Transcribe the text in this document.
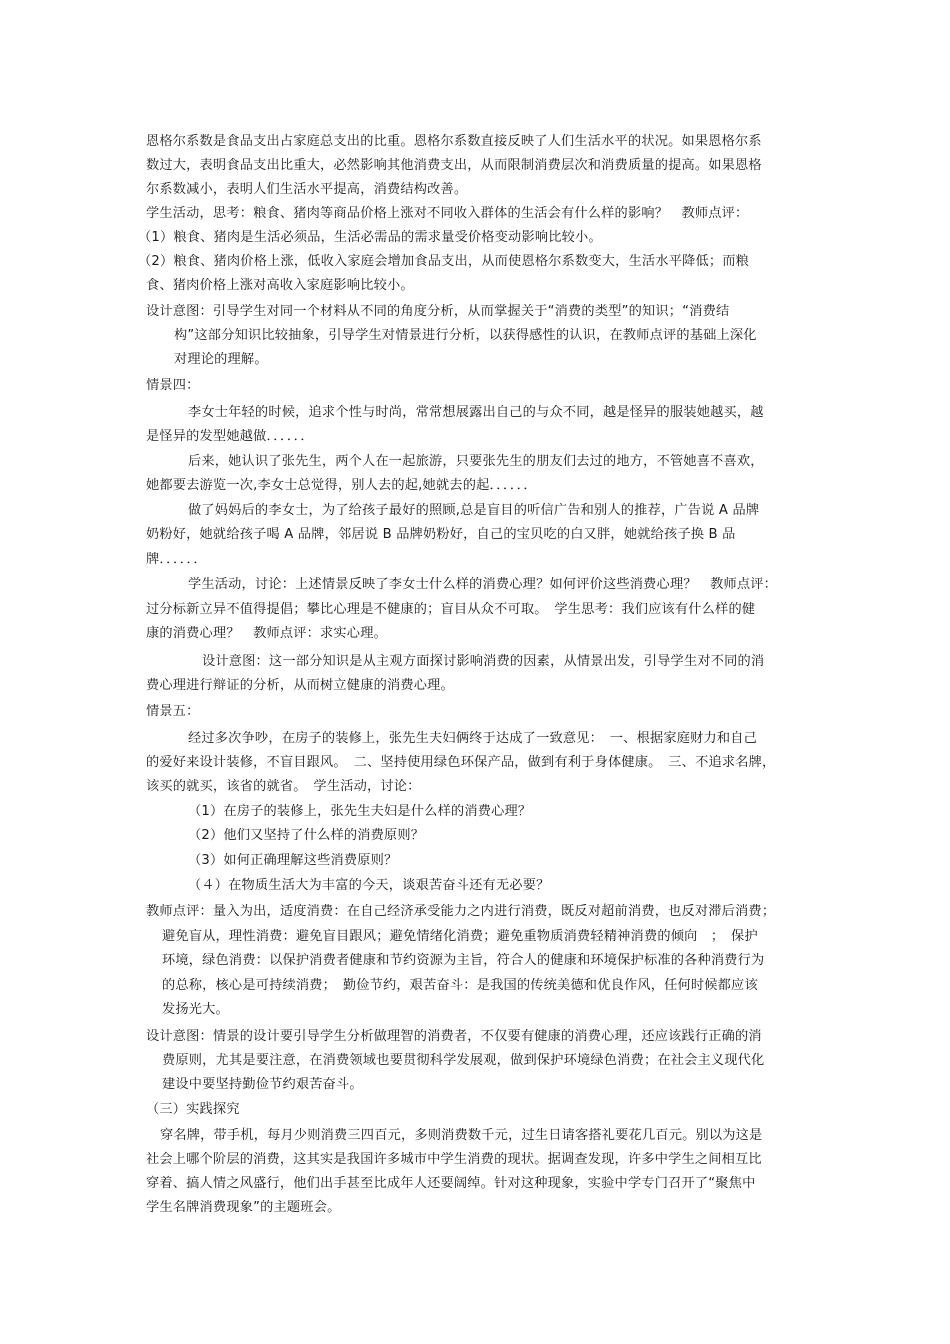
恩格尔系数是食品支出占家庭总支出的比重。恩格尔系数直接反映了人们生活水平的状况。如果恩格尔系
数过大，表明食品支出比重大，必然影响其他消费支出，从而限制消费层次和消费质量的提高。如果恩格
尔系数减小，表明人们生活水平提高，消费结构改善。
学生活动，思考：粮食、猪肉等商品价格上涨对不同收入群体的生活会有什么样的影响？　教师点评：
（1）粮食、猪肉是生活必须品，生活必需品的需求量受价格变动影响比较小。
（2）粮食、猪肉价格上涨，低收入家庭会增加食品支出，从而使恩格尔系数变大，生活水平降低；而粮
食、猪肉价格上涨对高收入家庭影响比较小。
设计意图：引导学生对同一个材料从不同的角度分析，从而掌握关于“消费的类型”的知识；“消费结
构”这部分知识比较抽象，引导学生对情景进行分析，以获得感性的认识，在教师点评的基础上深化
对理论的理解。
情景四：
李女士年轻的时候，追求个性与时尚，常常想展露出自己的与众不同，越是怪异的服装她越买，越
是怪异的发型她越做．．．．．．
后来，她认识了张先生，两个人在一起旅游，只要张先生的朋友们去过的地方，不管她喜不喜欢，
她都要去游览一次,李女士总觉得，别人去的起,她就去的起．．．．．．
做了妈妈后的李女士，为了给孩子最好的照顾,总是盲目的听信广告和别人的推荐，广告说 A 品牌
奶粉好，她就给孩子喝 A 品牌，邻居说 B 品牌奶粉好，自己的宝贝吃的白又胖，她就给孩子换 B 品
牌．．．．．．
学生活动，讨论：上述情景反映了李女士什么样的消费心理？如何评价这些消费心理？　教师点评：
过分标新立异不值得提倡；攀比心理是不健康的；盲目从众不可取。　学生思考：我们应该有什么样的健
康的消费心理？　教师点评：求实心理。
设计意图：这一部分知识是从主观方面探讨影响消费的因素，从情景出发，引导学生对不同的消
费心理进行辩证的分析，从而树立健康的消费心理。
情景五：
经过多次争吵，在房子的装修上，张先生夫妇俩终于达成了一致意见：　一、根据家庭财力和自己
的爱好来设计装修，不盲目跟风。　二、坚持使用绿色环保产品，做到有利于身体健康。　三、不追求名牌，
该买的就买，该省的就省。　学生活动，讨论：
（1）在房子的装修上，张先生夫妇是什么样的消费心理？
（2）他们又坚持了什么样的消费原则？
（3）如何正确理解这些消费原则？
（４）在物质生活大为丰富的今天，谈艰苦奋斗还有无必要？
教师点评：量入为出，适度消费：在自己经济承受能力之内进行消费，既反对超前消费，也反对滞后消费；
避免盲从，理性消费：避免盲目跟风；避免情绪化消费；避免重物质消费轻精神消费的倾向　；　保护
环境，绿色消费：以保护消费者健康和节约资源为主旨，符合人的健康和环境保护标准的各种消费行为
的总称，核心是可持续消费；　勤俭节约，艰苦奋斗：是我国的传统美德和优良作风，任何时候都应该
发扬光大。
设计意图：情景的设计要引导学生分析做理智的消费者，不仅要有健康的消费心理，还应该践行正确的消
费原则，尤其是要注意，在消费领域也要贯彻科学发展观，做到保护环境绿色消费；在社会主义现代化
建设中要坚持勤俭节约艰苦奋斗。
（三）实践探究
穿名牌，带手机，每月少则消费三四百元，多则消费数千元，过生日请客搭礼要花几百元。别以为这是
社会上哪个阶层的消费，这其实是我国许多城市中学生消费的现状。据调查发现，许多中学生之间相互比
穿着、搞人情之风盛行，他们出手甚至比成年人还要阔绰。针对这种现象，实验中学专门召开了“聚焦中
学生名牌消费现象”的主题班会。
